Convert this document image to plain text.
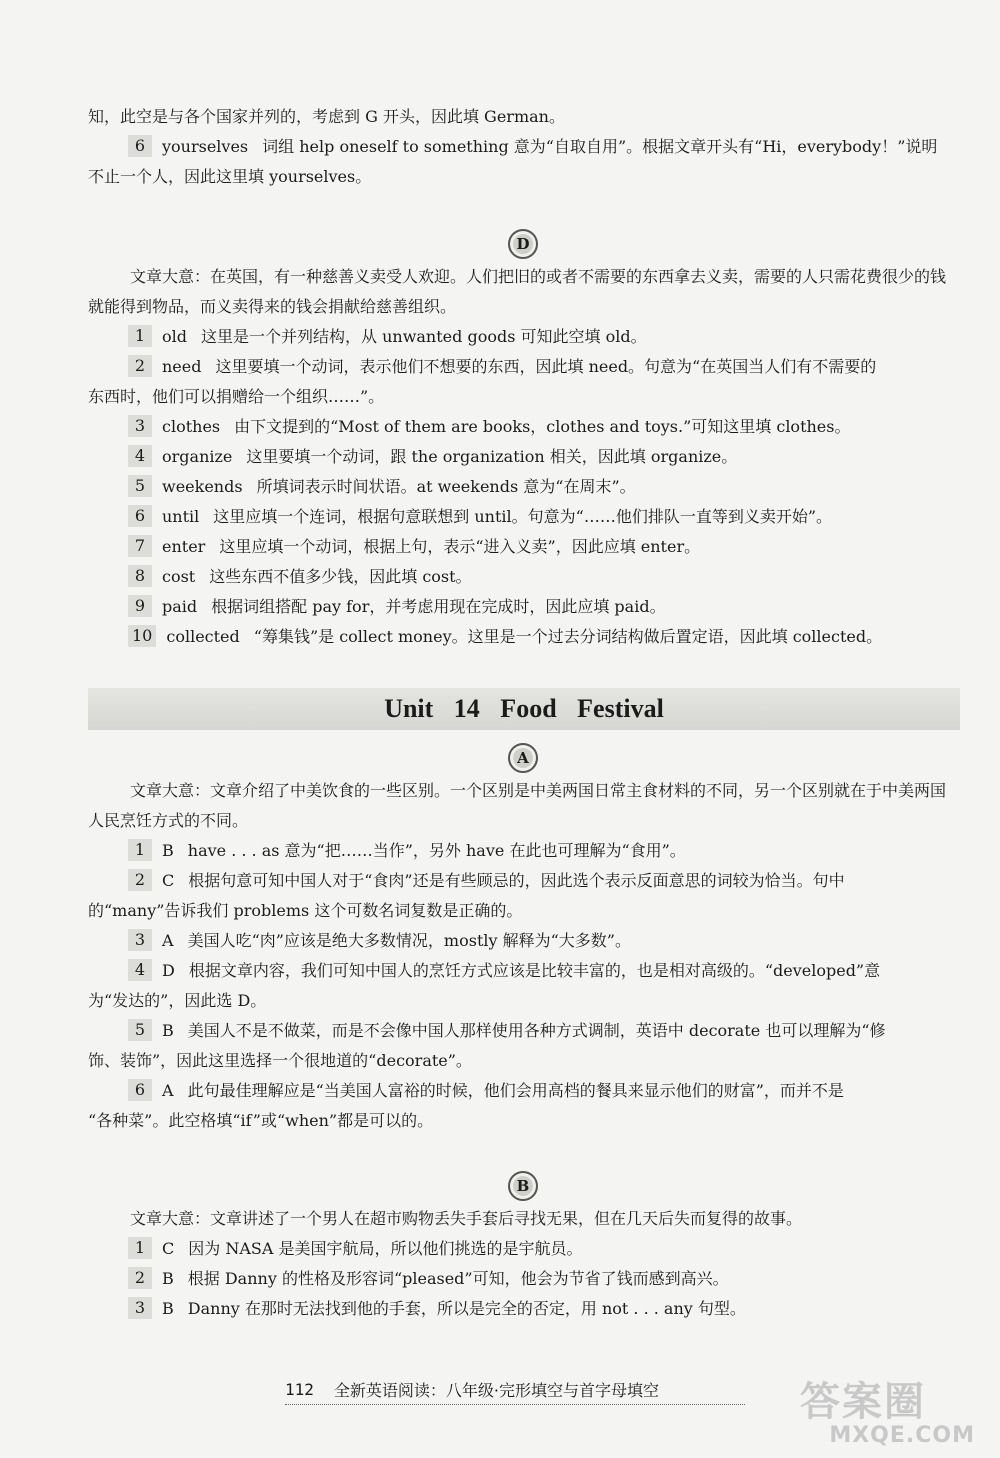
知，此空是与各个国家并列的，考虑到 G 开头，因此填 German。

6 yourselves 词组 help oneself to something 意为“自取自用”。根据文章开头有“Hi，everybody！”说明

不止一个人，因此这里填 yourselves。

D

文章大意：在英国，有一种慈善义卖受人欢迎。人们把旧的或者不需要的东西拿去义卖，需要的人只需花费很少的钱就能得到物品，而义卖得来的钱会捐献给慈善组织。

1 old 这里是一个并列结构，从 unwanted goods 可知此空填 old。

2 need 这里要填一个动词，表示他们不想要的东西，因此填 need。句意为“在英国当人们有不需要的

东西时，他们可以捐赠给一个组织……”。

3 clothes 由下文提到的“Most of them are books，clothes and toys.”可知这里填 clothes。

4 organize 这里要填一个动词，跟 the organization 相关，因此填 organize。

5 weekends 所填词表示时间状语。at weekends 意为“在周末”。

6 until 这里应填一个连词，根据句意联想到 until。句意为“……他们排队一直等到义卖开始”。

7 enter 这里应填一个动词，根据上句，表示“进入义卖”，因此应填 enter。

8 cost 这些东西不值多少钱，因此填 cost。

9 paid 根据词组搭配 pay for，并考虑用现在完成时，因此应填 paid。

10 collected “筹集钱”是 collect money。这里是一个过去分词结构做后置定语，因此填 collected。

Unit 14 Food Festival
A

文章大意：文章介绍了中美饮食的一些区别。一个区别是中美两国日常主食材料的不同，另一个区别就在于中美两国人民烹饪方式的不同。

1 B have . . . as 意为“把……当作”，另外 have 在此也可理解为“食用”。

2 C 根据句意可知中国人对于“食肉”还是有些顾忌的，因此选个表示反面意思的词较为恰当。句中

的“many”告诉我们 problems 这个可数名词复数是正确的。

3 A 美国人吃“肉”应该是绝大多数情况，mostly 解释为“大多数”。

4 D 根据文章内容，我们可知中国人的烹饪方式应该是比较丰富的，也是相对高级的。“developed”意

为“发达的”，因此选 D。

5 B 美国人不是不做菜，而是不会像中国人那样使用各种方式调制，英语中 decorate 也可以理解为“修

饰、装饰”，因此这里选择一个很地道的“decorate”。

6 A 此句最佳理解应是“当美国人富裕的时候，他们会用高档的餐具来显示他们的财富”，而并不是

“各种菜”。此空格填“if”或“when”都是可以的。

B

文章大意：文章讲述了一个男人在超市购物丢失手套后寻找无果，但在几天后失而复得的故事。

1 C 因为 NASA 是美国宇航局，所以他们挑选的是宇航员。

2 B 根据 Danny 的性格及形容词“pleased”可知，他会为节省了钱而感到高兴。

3 B Danny 在那时无法找到他的手套，所以是完全的否定，用 not . . . any 句型。

112 全新英语阅读：八年级·完形填空与首字母填空	答案圈
MXQE.COM
